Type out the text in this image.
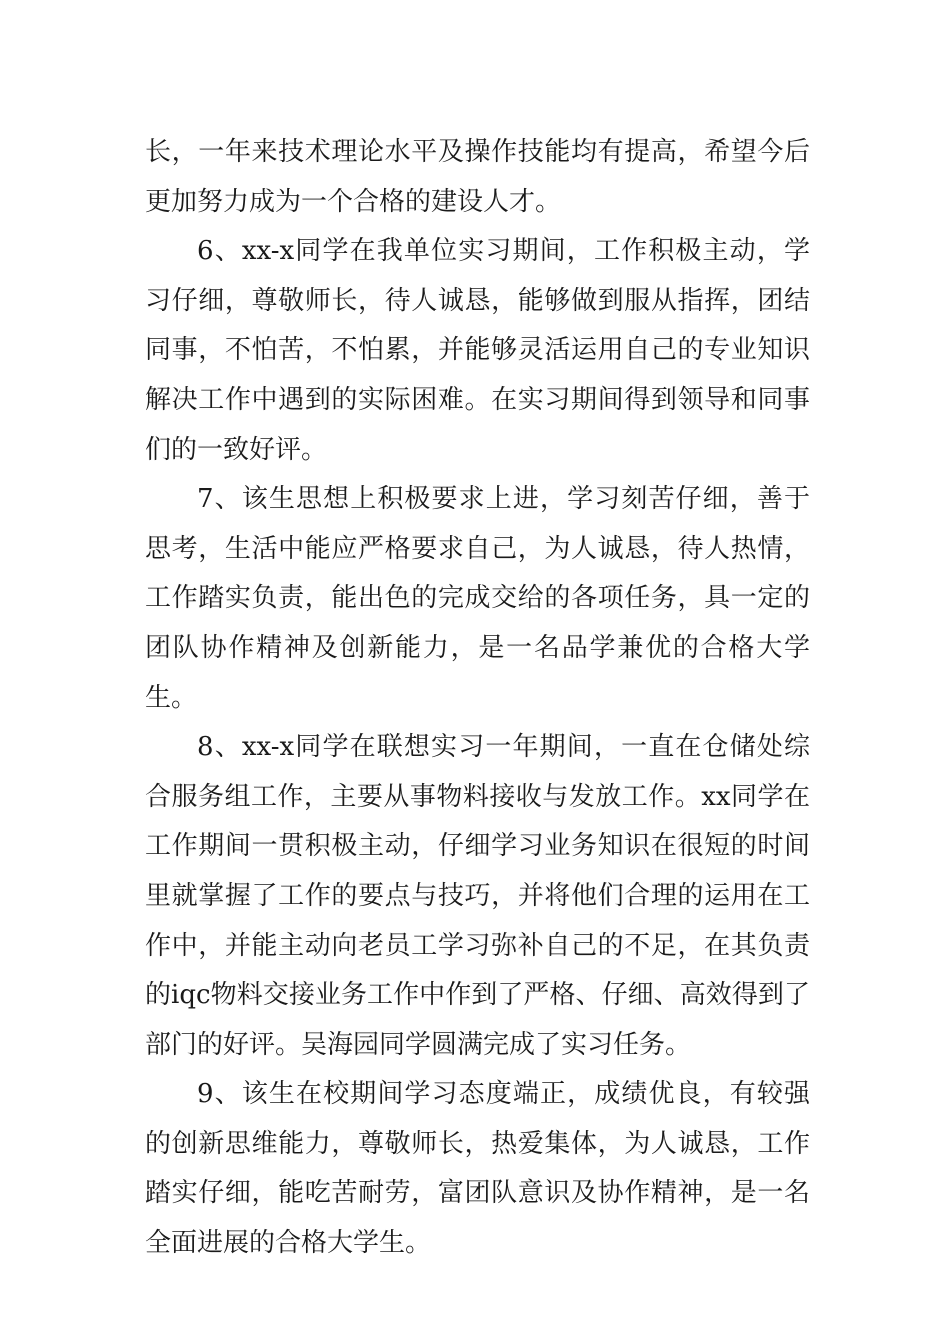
长，一年来技术理论水平及操作技能均有提高，希望今后更加努力成为一个合格的建设人才。

6、xx-x同学在我单位实习期间，工作积极主动，学习仔细，尊敬师长，待人诚恳，能够做到服从指挥，团结同事，不怕苦，不怕累，并能够灵活运用自己的专业知识解决工作中遇到的实际困难。在实习期间得到领导和同事们的一致好评。

7、该生思想上积极要求上进，学习刻苦仔细，善于思考，生活中能应严格要求自己，为人诚恳，待人热情，工作踏实负责，能出色的完成交给的各项任务，具一定的团队协作精神及创新能力，是一名品学兼优的合格大学生。

8、xx-x同学在联想实习一年期间，一直在仓储处综合服务组工作，主要从事物料接收与发放工作。xx同学在工作期间一贯积极主动，仔细学习业务知识在很短的时间里就掌握了工作的要点与技巧，并将他们合理的运用在工作中，并能主动向老员工学习弥补自己的不足，在其负责的iqc物料交接业务工作中作到了严格、仔细、高效得到了部门的好评。吴海园同学圆满完成了实习任务。

9、该生在校期间学习态度端正，成绩优良，有较强的创新思维能力，尊敬师长，热爱集体，为人诚恳，工作踏实仔细，能吃苦耐劳，富团队意识及协作精神，是一名全面进展的合格大学生。
